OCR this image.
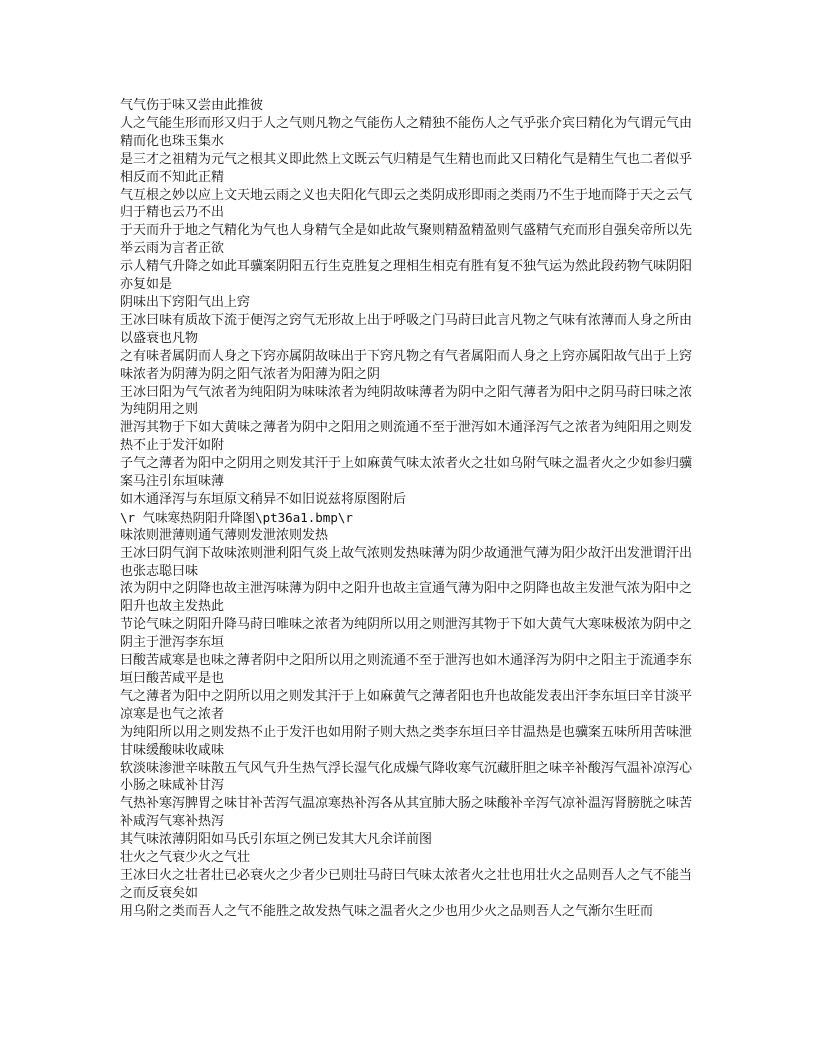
气气伤于味又尝由此推彼

人之气能生形而形又归于人之气则凡物之气能伤人之精独不能伤人之气乎张介宾曰精化为气谓元气由精而化也珠玉集水

是三才之祖精为元气之根其义即此然上文既云气归精是气生精也而此又曰精化气是精生气也二者似乎相反而不知此正精

气互根之妙以应上文天地云雨之义也夫阳化气即云之类阴成形即雨之类雨乃不生于地而降于天之云气归于精也云乃不出

于天而升于地之气精化为气也人身精气全是如此故气聚则精盈精盈则气盛精气充而形自强矣帝所以先举云雨为言者正欲

示人精气升降之如此耳骥案阴阳五行生克胜复之理相生相克有胜有复不独气运为然此段药物气味阴阳亦复如是

阴味出下窍阳气出上窍

王冰曰味有质故下流于便泻之窍气无形故上出于呼吸之门马莳曰此言凡物之气味有浓薄而人身之所由以盛衰也凡物

之有味者属阴而人身之下窍亦属阴故味出于下窍凡物之有气者属阳而人身之上窍亦属阳故气出于上窍

味浓者为阴薄为阴之阳气浓者为阳薄为阳之阴

王冰曰阳为气气浓者为纯阳阴为味味浓者为纯阴故味薄者为阴中之阳气薄者为阳中之阴马莳曰味之浓为纯阴用之则

泄泻其物于下如大黄味之薄者为阴中之阳用之则流通不至于泄泻如木通泽泻气之浓者为纯阳用之则发热不止于发汗如附

子气之薄者为阳中之阴用之则发其汗于上如麻黄气味太浓者火之壮如乌附气味之温者火之少如参归骥案马注引东垣味薄

如木通泽泻与东垣原文稍异不如旧说兹将原图附后

\r 气味寒热阴阳升降图\pt36a1.bmp\r

味浓则泄薄则通气薄则发泄浓则发热

王冰曰阴气润下故味浓则泄利阳气炎上故气浓则发热味薄为阴少故通泄气薄为阳少故汗出发泄谓汗出也张志聪曰味

浓为阴中之阴降也故主泄泻味薄为阴中之阳升也故主宣通气薄为阳中之阴降也故主发泄气浓为阳中之阳升也故主发热此

节论气味之阴阳升降马莳曰唯味之浓者为纯阴所以用之则泄泻其物于下如大黄气大寒味极浓为阴中之阴主于泄泻李东垣

曰酸苦咸寒是也味之薄者阴中之阳所以用之则流通不至于泄泻也如木通泽泻为阴中之阳主于流通李东垣曰酸苦咸平是也

气之薄者为阳中之阴所以用之则发其汗于上如麻黄气之薄者阳也升也故能发表出汗李东垣曰辛甘淡平凉寒是也气之浓者

为纯阳所以用之则发热不止于发汗也如用附子则大热之类李东垣曰辛甘温热是也骥案五味所用苦味泄甘味缓酸味收咸味

软淡味渗泄辛味散五气风气升生热气浮长湿气化成燥气降收寒气沉藏肝胆之味辛补酸泻气温补凉泻心小肠之味咸补甘泻

气热补寒泻脾胃之味甘补苦泻气温凉寒热补泻各从其宜肺大肠之味酸补辛泻气凉补温泻肾膀胱之味苦补咸泻气寒补热泻

其气味浓薄阴阳如马氏引东垣之例已发其大凡余详前图

壮火之气衰少火之气壮

王冰曰火之壮者壮已必衰火之少者少已则壮马莳曰气味太浓者火之壮也用壮火之品则吾人之气不能当之而反衰矣如

用乌附之类而吾人之气不能胜之故发热气味之温者火之少也用少火之品则吾人之气渐尔生旺而
